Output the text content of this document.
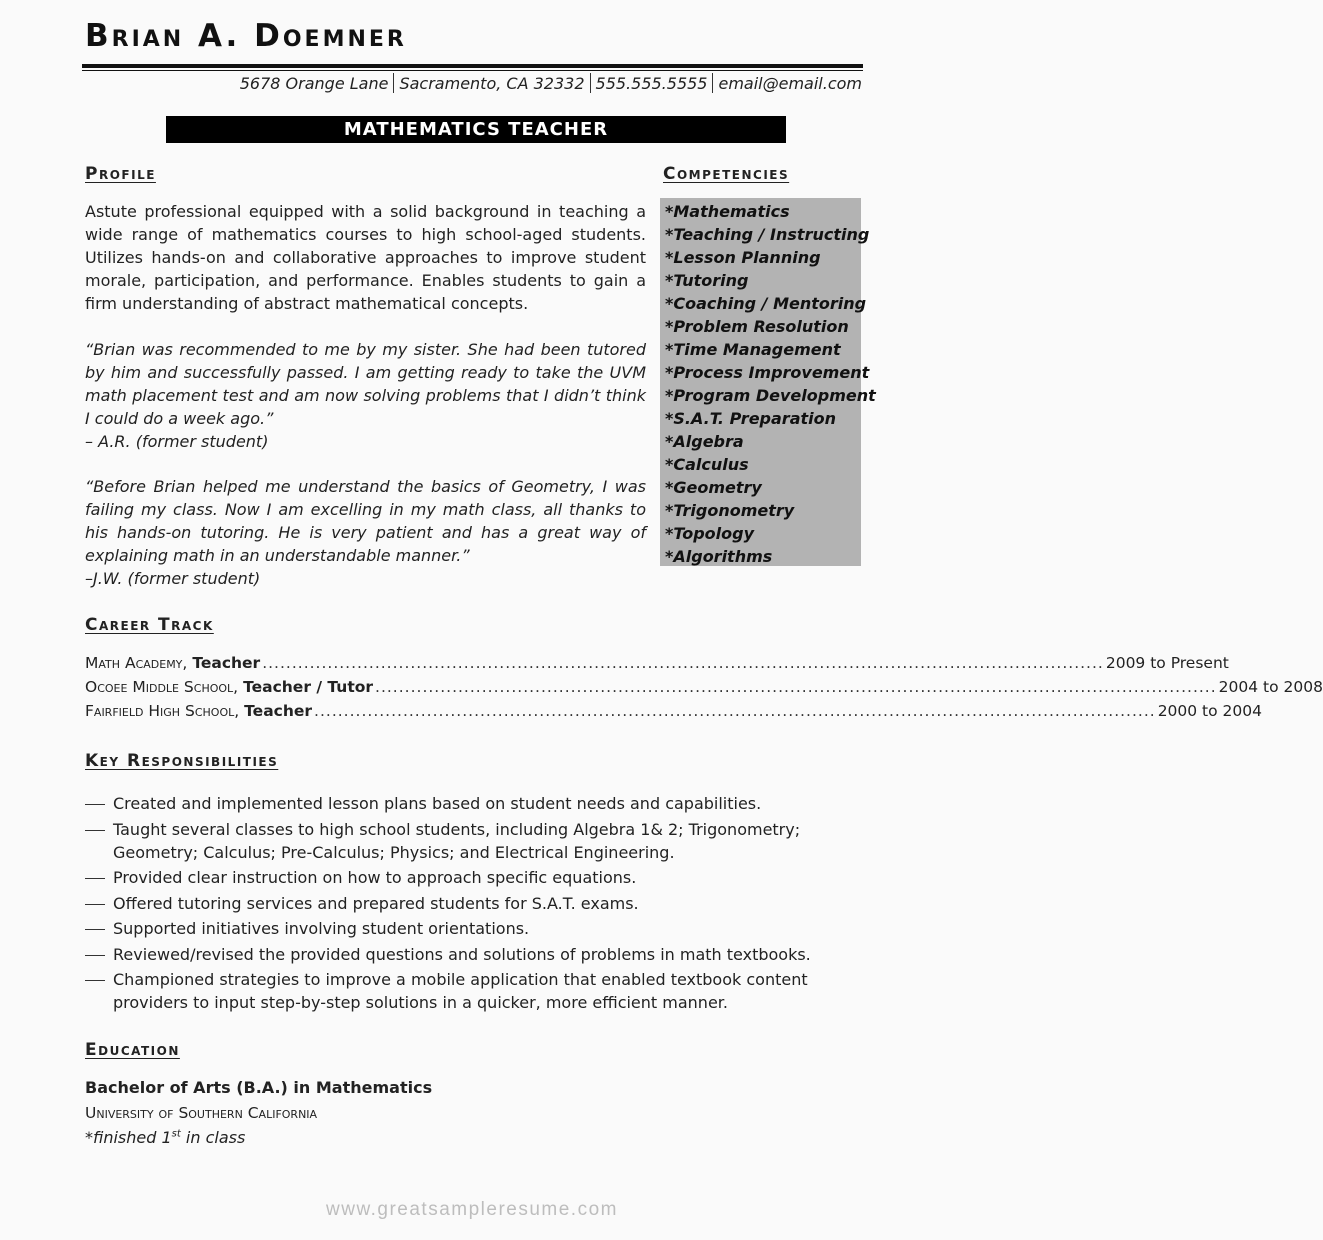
Brian A. Doemner
5678 Orange Lane Sacramento, CA 32332 555.555.5555 email@email.com
MATHEMATICS TEACHER
Profile
Astute professional equipped with a solid background in teaching a wide range of mathematics courses to high school-aged students. Utilizes hands-on and collaborative approaches to improve student morale, participation, and performance. Enables students to gain a firm understanding of abstract mathematical concepts.
“Brian was recommended to me by my sister. She had been tutored by him and successfully passed. I am getting ready to take the UVM math placement test and am now solving problems that I didn’t think I could do a week ago.”
– A.R. (former student)
“Before Brian helped me understand the basics of Geometry, I was failing my class. Now I am excelling in my math class, all thanks to his hands-on tutoring. He is very patient and has a great way of explaining math in an understandable manner.”
–J.W. (former student)
Competencies
*Mathematics
*Teaching / Instructing
*Lesson Planning
*Tutoring
*Coaching / Mentoring
*Problem Resolution
*Time Management
*Process Improvement
*Program Development
*S.A.T. Preparation
*Algebra
*Calculus
*Geometry
*Trigonometry
*Topology
*Algorithms
Career Track
Math Academy, Teacher .............................................................................................................................................. 2009 to Present
Ocoee Middle School, Teacher / Tutor .............................................................................................................................................. 2004 to 2008
Fairfield High School, Teacher .............................................................................................................................................. 2000 to 2004
Key Responsibilities
Created and implemented lesson plans based on student needs and capabilities.
Taught several classes to high school students, including Algebra 1& 2; Trigonometry; Geometry; Calculus; Pre-Calculus; Physics; and Electrical Engineering.
Provided clear instruction on how to approach specific equations.
Offered tutoring services and prepared students for S.A.T. exams.
Supported initiatives involving student orientations.
Reviewed/revised the provided questions and solutions of problems in math textbooks.
Championed strategies to improve a mobile application that enabled textbook content providers to input step-by-step solutions in a quicker, more efficient manner.
Education
Bachelor of Arts (B.A.) in Mathematics
University of Southern California
*finished 1st in class
www.greatsampleresume.com
